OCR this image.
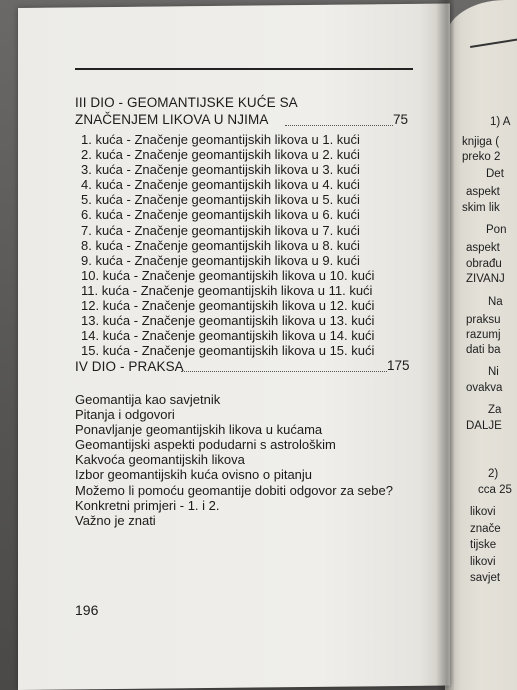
1) A
knjiga (
preko 2
Det
aspekt
skim lik
Pon
aspekt
obrađu
ZIVANJ
Na
praksu
razumj
dati ba
Ni
ovakva
Za
DALJE
2)
cca 25
likovi
znače
tijske
likovi
savjet
III DIO - GEOMANTIJSKE KUĆE SA
ZNAČENJEM LIKOVA U NJIMA	75
1. kuća - Značenje geomantijskih likova u 1. kući
2. kuća - Značenje geomantijskih likova u 2. kući
3. kuća - Značenje geomantijskih likova u 3. kući
4. kuća - Značenje geomantijskih likova u 4. kući
5. kuća - Značenje geomantijskih likova u 5. kući
6. kuća - Značenje geomantijskih likova u 6. kući
7. kuća - Značenje geomantijskih likova u 7. kući
8. kuća - Značenje geomantijskih likova u 8. kući
9. kuća - Značenje geomantijskih likova u 9. kući
10. kuća - Značenje geomantijskih likova u 10. kući
11. kuća - Značenje geomantijskih likova u 11. kući
12. kuća - Značenje geomantijskih likova u 12. kući
13. kuća - Značenje geomantijskih likova u 13. kući
14. kuća - Značenje geomantijskih likova u 14. kući
15. kuća - Značenje geomantijskih likova u 15. kući
IV DIO - PRAKSA	175
Geomantija kao savjetnik
Pitanja i odgovori
Ponavljanje geomantijskih likova u kućama
Geomantijski aspekti podudarni s astrološkim
Kakvoća geomantijskih likova
Izbor geomantijskih kuća ovisno o pitanju
Možemo li pomoću geomantije dobiti odgovor za sebe?
Konkretni primjeri - 1. i 2.
Važno je znati
196
